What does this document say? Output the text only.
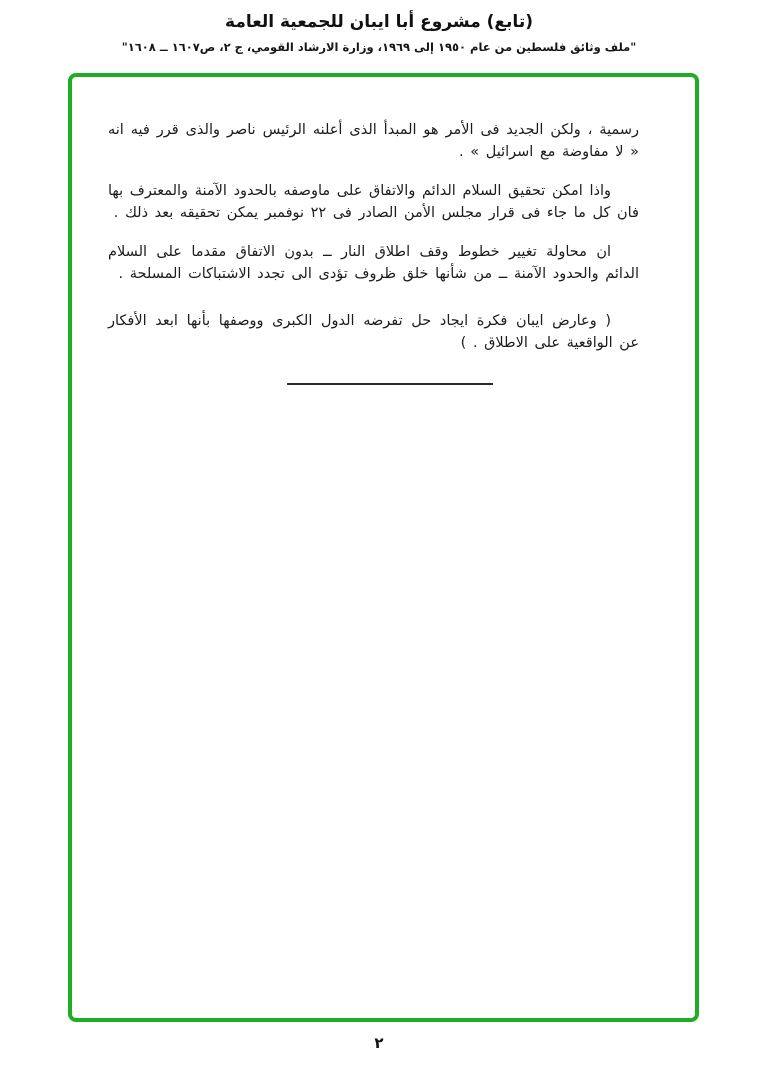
(تابع) مشروع أبا ايبان للجمعية العامة
"ملف وثائق فلسطين من عام ١٩٥٠ إلى ١٩٦٩، وزارة الارشاد القومي، ج ٢، ص١٦٠٧ ــ ١٦٠٨"

رسمية ، ولكن الجديد فى الأمر هو المبدأ الذى أعلنه الرئيس ناصر والذى قرر فيه انه « لا مفاوضة مع اسرائيل » .

واذا امكن تحقيق السلام الدائم والاتفاق على ماوصفه بالحدود الآمنة والمعترف بها فان كل ما جاء فى قرار مجلس الأمن الصادر فى ٢٢ نوفمبر يمكن تحقيقه بعد ذلك .

ان محاولة تغيير خطوط وقف اطلاق النار ــ بدون الاتفاق مقدما على السلام الدائم والحدود الآمنة ــ من شأنها خلق ظروف تؤدى الى تجدد الاشتباكات المسلحة .

( وعارض ايبان فكرة ايجاد حل تفرضه الدول الكبرى ووصفها بأنها ابعد الأفكار عن الواقعية على الاطلاق . )

٢
